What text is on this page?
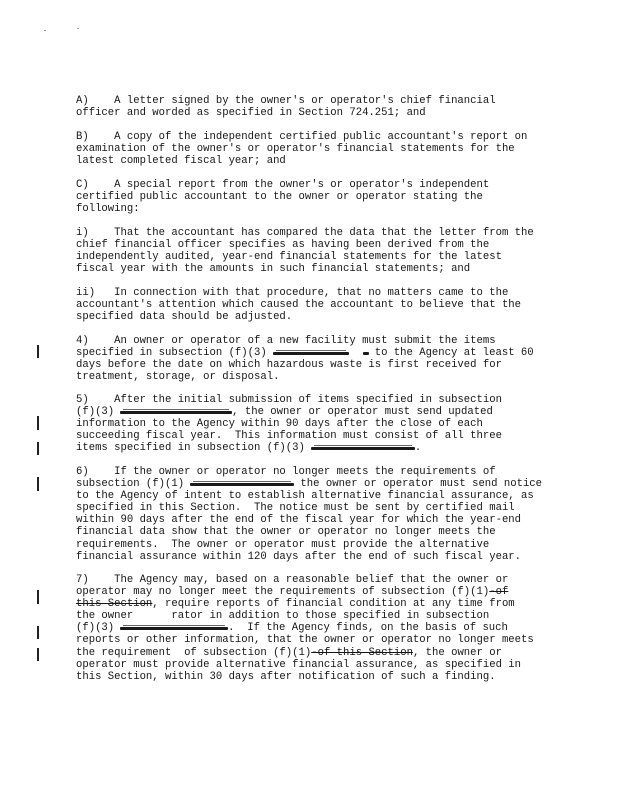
A)    A letter signed by the owner's or operator's chief financial
officer and worded as specified in Section 724.251; and
B)    A copy of the independent certified public accountant's report on
examination of the owner's or operator's financial statements for the
latest completed fiscal year; and
C)    A special report from the owner's or operator's independent
certified public accountant to the owner or operator stating the
following:
i)    That the accountant has compared the data that the letter from the
chief financial officer specifies as having been derived from the
independently audited, year-end financial statements for the latest
fiscal year with the amounts in such financial statements; and
ii)   In connection with that procedure, that no matters came to the
accountant's attention which caused the accountant to believe that the
specified data should be adjusted.
4)    An owner or operator of a new facility must submit the items
specified in subsection (f)(3)	to the Agency at least 60
days before the date on which hazardous waste is first received for
treatment, storage, or disposal.
5)    After the initial submission of items specified in subsection
(f)(3)	, the owner or operator must send updated
information to the Agency within 90 days after the close of each
succeeding fiscal year.  This information must consist of all three
items specified in subsection (f)(3)	.
6)    If the owner or operator no longer meets the requirements of
subsection (f)(1)	the owner or operator must send notice
to the Agency of intent to establish alternative financial assurance, as
specified in this Section.  The notice must be sent by certified mail
within 90 days after the end of the fiscal year for which the year-end
financial data show that the owner or operator no longer meets the
requirements.  The owner or operator must provide the alternative
financial assurance within 120 days after the end of such fiscal year.
7)    The Agency may, based on a reasonable belief that the owner or
operator may no longer meet the requirements of subsection (f)(1)-of
this Section, require reports of financial condition at any time from
the owner      rator in addition to those specified in subsection
(f)(3)	.  If the Agency finds, on the basis of such
reports or other information, that the owner or operator no longer meets
the requirement  of subsection (f)(1)-of this Section, the owner or
operator must provide alternative financial assurance, as specified in
this Section, within 30 days after notification of such a finding.
